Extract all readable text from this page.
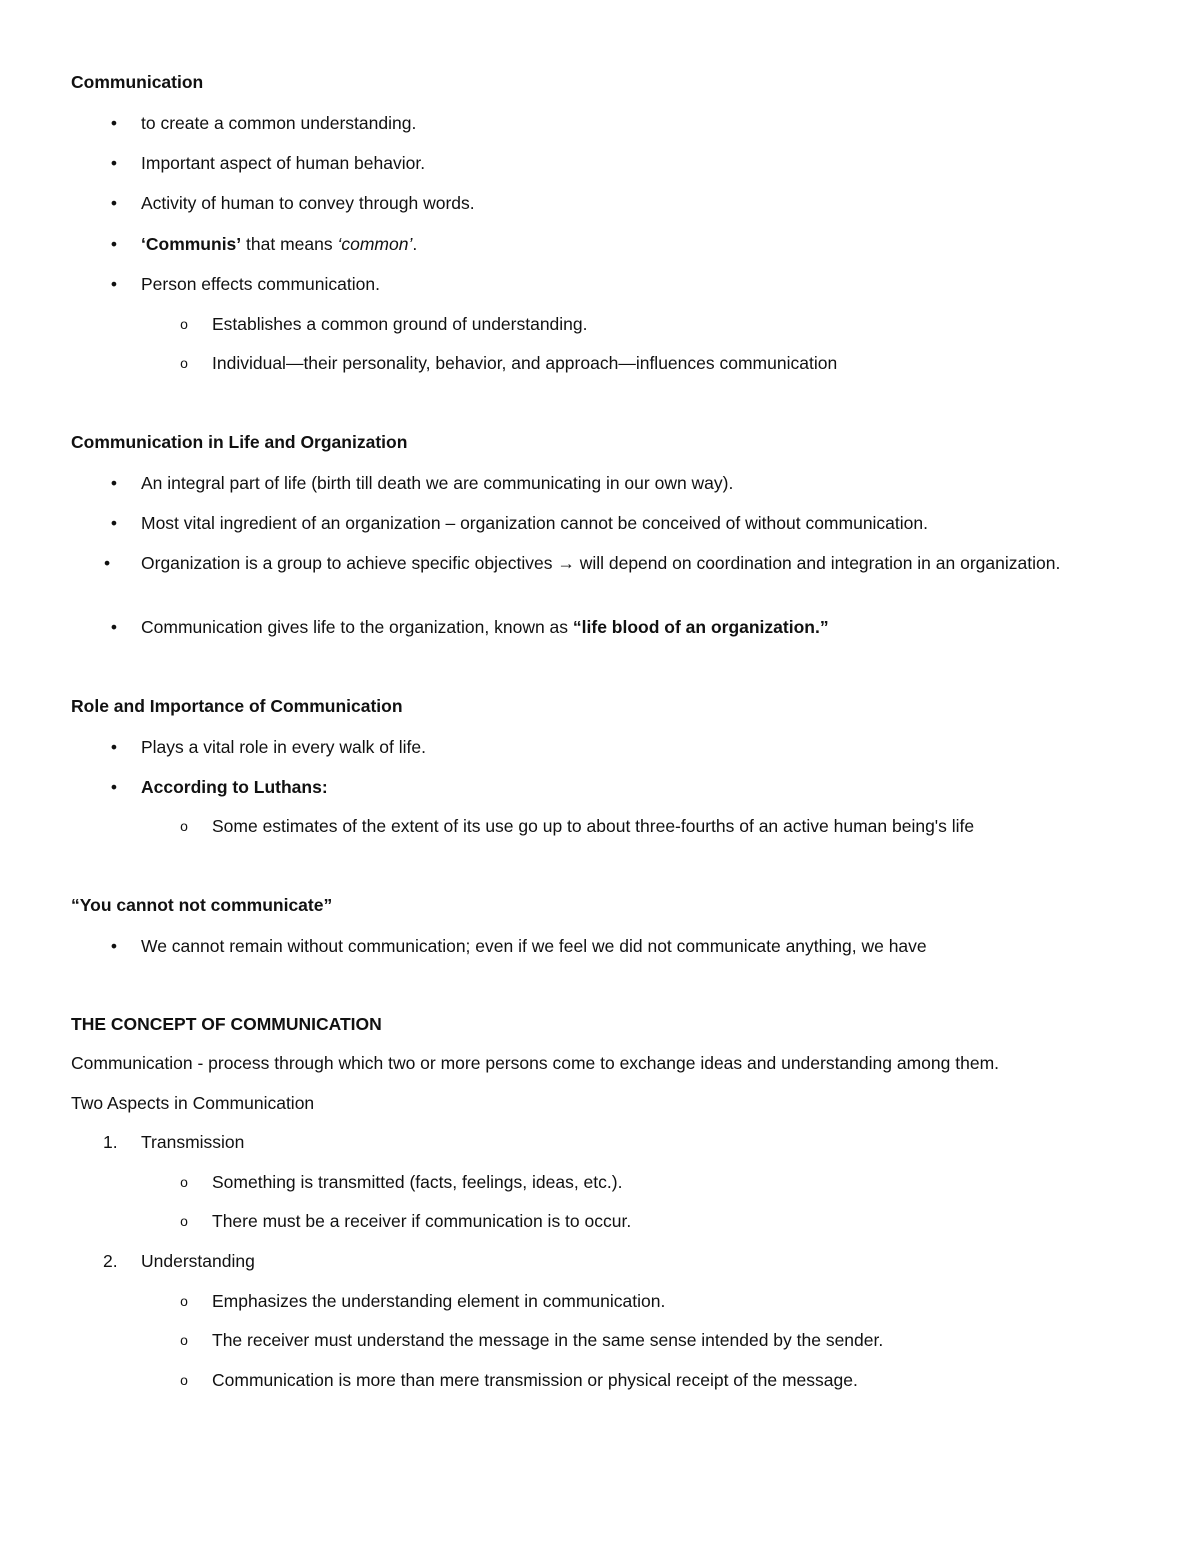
Communication
•	to create a common understanding.
•	Important aspect of human behavior.
•	Activity of human to convey through words.
•	‘Communis’ that means ‘common’.
•	Person effects communication.
o	Establishes a common ground of understanding.
o	Individual—their personality, behavior, and approach—influences communication
Communication in Life and Organization
•	An integral part of life (birth till death we are communicating in our own way).
•	Most vital ingredient of an organization – organization cannot be conceived of without communication.
•	Organization is a group to achieve specific objectives → will depend on coordination and integration in an organization.
•	Communication gives life to the organization, known as “life blood of an organization.”
Role and Importance of Communication
•	Plays a vital role in every walk of life.
•	According to Luthans:
o	Some estimates of the extent of its use go up to about three-fourths of an active human being's life
“You cannot not communicate”
•	We cannot remain without communication; even if we feel we did not communicate anything, we have
THE CONCEPT OF COMMUNICATION
Communication - process through which two or more persons come to exchange ideas and understanding among them.
Two Aspects in Communication
1.	Transmission
o	Something is transmitted (facts, feelings, ideas, etc.).
o	There must be a receiver if communication is to occur.
2.	Understanding
o	Emphasizes the understanding element in communication.
o	The receiver must understand the message in the same sense intended by the sender.
o	Communication is more than mere transmission or physical receipt of the message.
